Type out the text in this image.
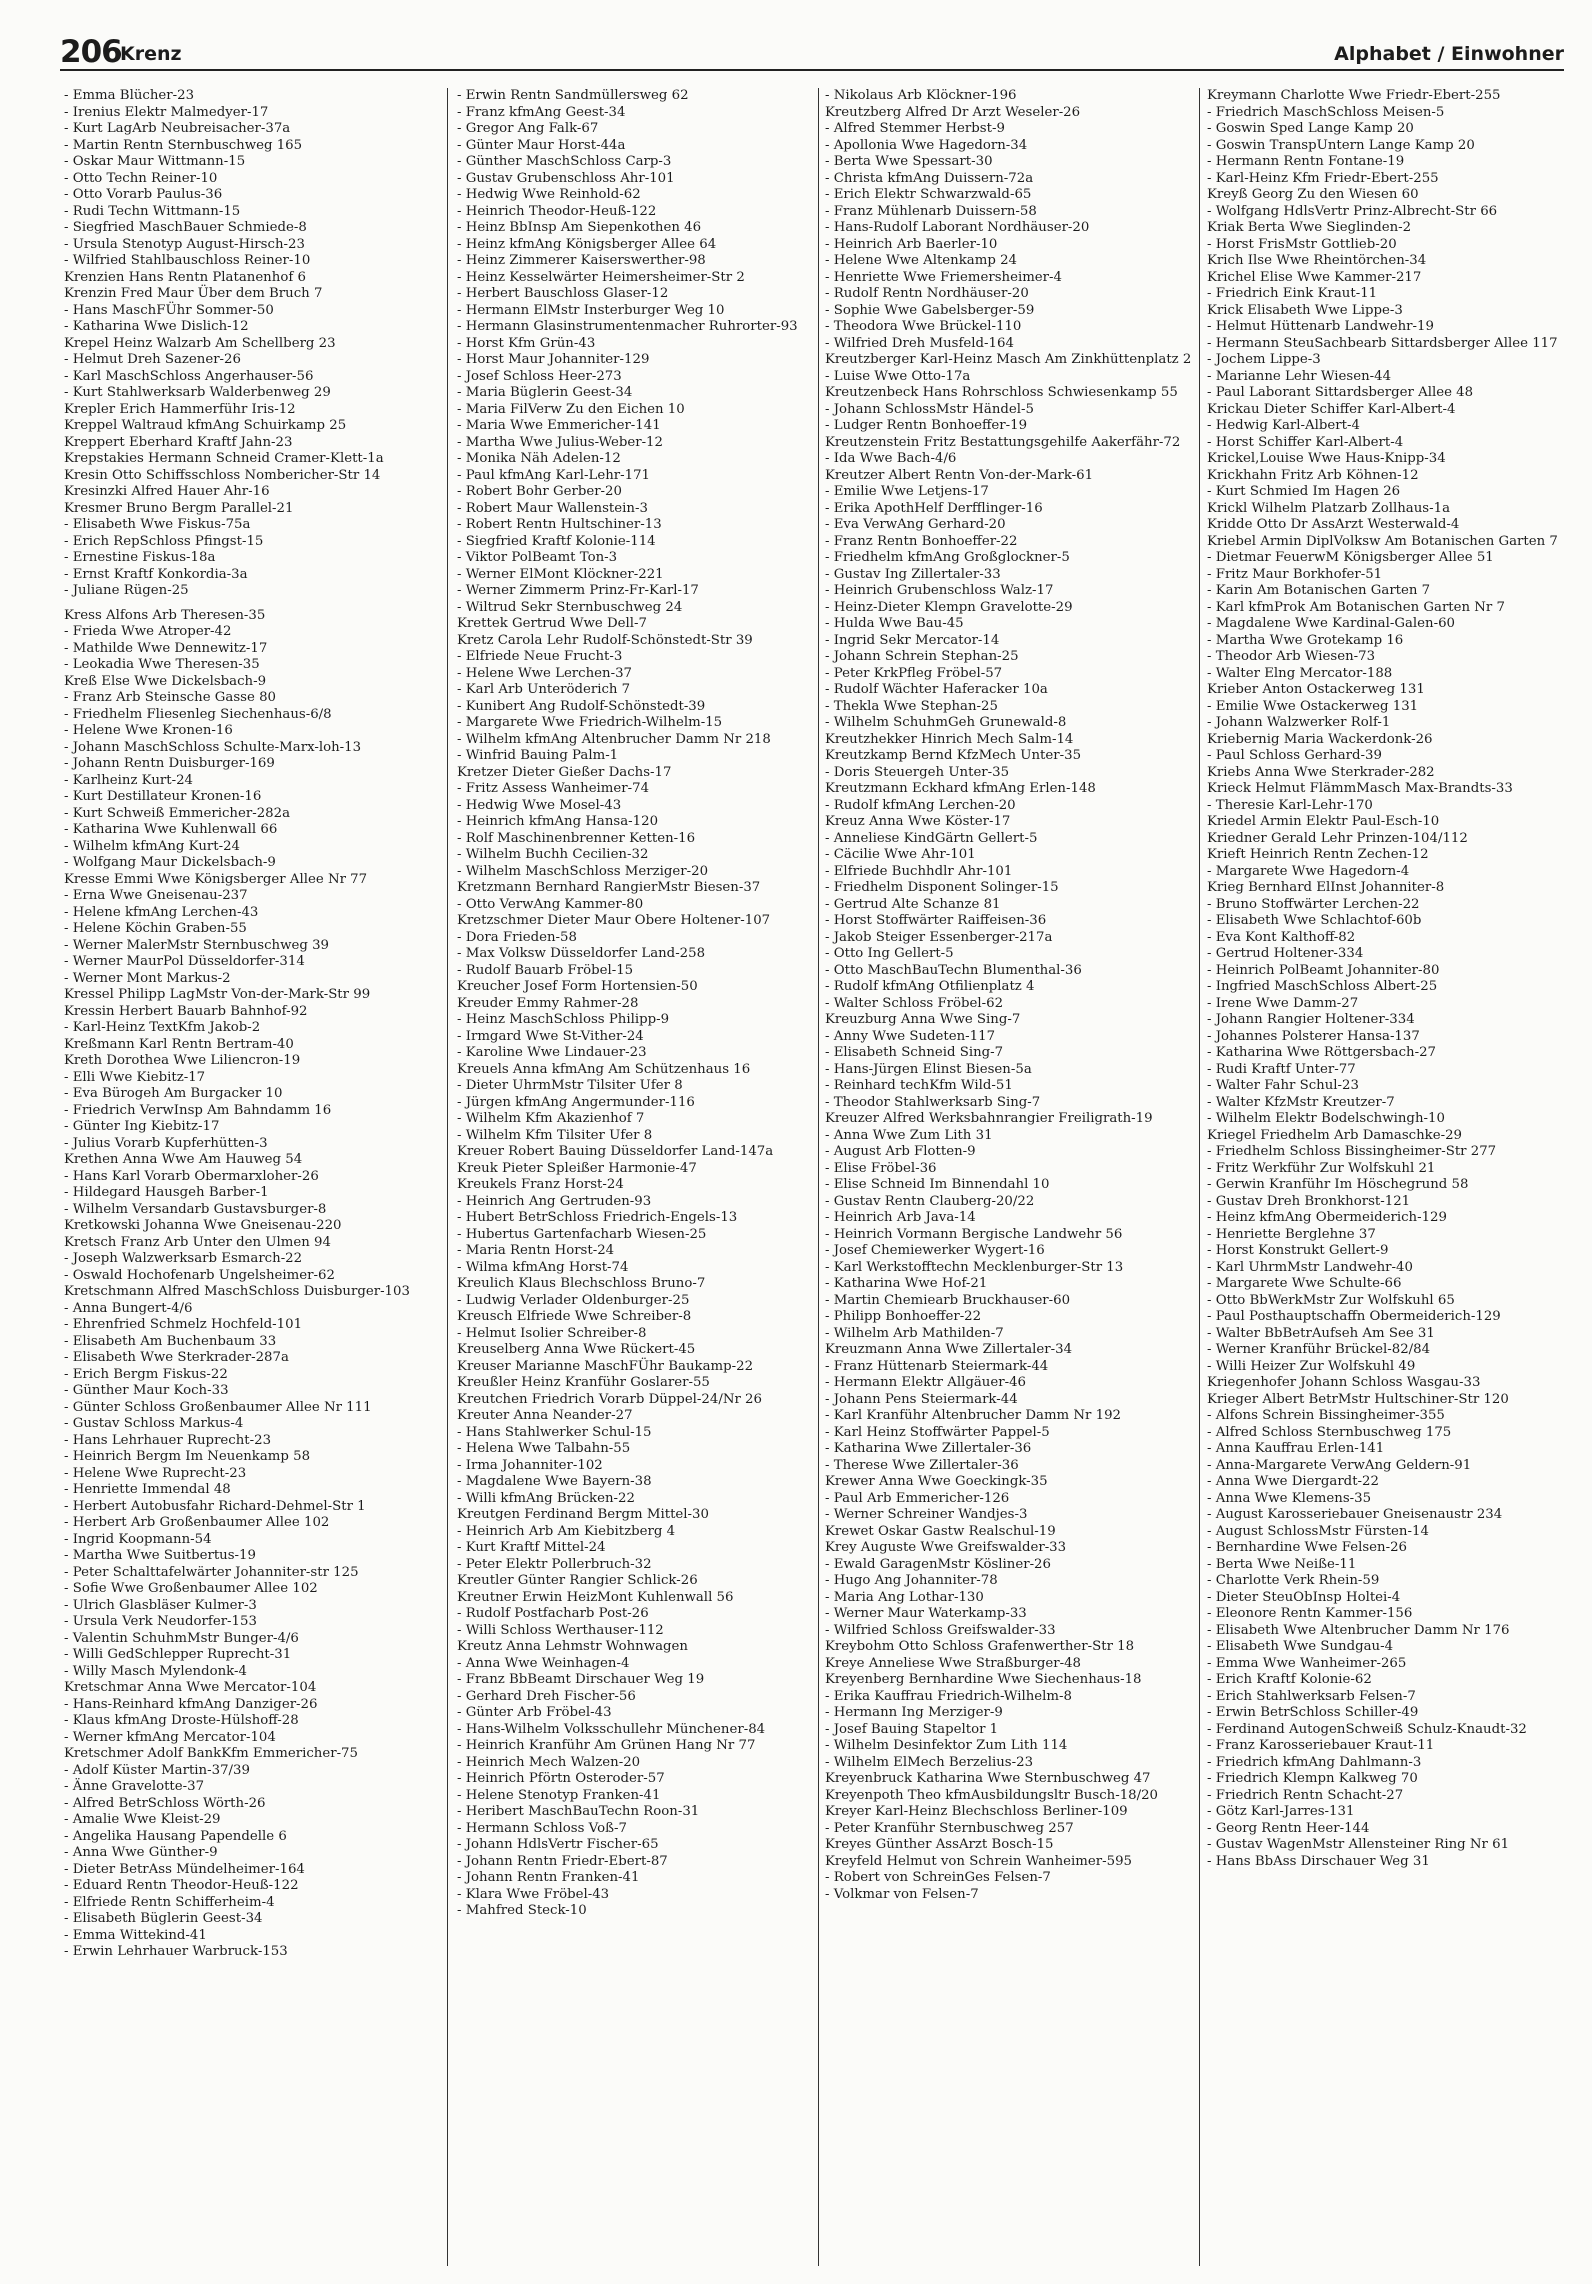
206
Krenz	Alphabet / Einwohner
- Emma Blücher-23
- Irenius Elektr Malmedyer-17
- Kurt LagArb Neubreisacher-37a
- Martin Rentn Sternbuschweg 165
- Oskar Maur Wittmann-15
- Otto Techn Reiner-10
- Otto Vorarb Paulus-36
- Rudi Techn Wittmann-15
- Siegfried MaschBauer Schmiede-8
- Ursula Stenotyp August-Hirsch-23
- Wilfried Stahlbauschloss Reiner-10
Krenzien Hans Rentn Platanenhof 6
Krenzin Fred Maur Über dem Bruch 7
- Hans MaschFÜhr Sommer-50
- Katharina Wwe Dislich-12
Krepel Heinz Walzarb Am Schellberg 23
- Helmut Dreh Sazener-26
- Karl MaschSchloss Angerhauser-56
- Kurt Stahlwerksarb Walderbenweg 29
Krepler Erich Hammerführ Iris-12
Kreppel Waltraud kfmAng Schuirkamp 25
Kreppert Eberhard Kraftf Jahn-23
Krepstakies Hermann Schneid Cramer-Klett-1a
Kresin Otto Schiffsschloss Nombericher-Str 14
Kresinzki Alfred Hauer Ahr-16
Kresmer Bruno Bergm Parallel-21
- Elisabeth Wwe Fiskus-75a
- Erich RepSchloss Pfingst-15
- Ernestine Fiskus-18a
- Ernst Kraftf Konkordia-3a
- Juliane Rügen-25
Kress Alfons Arb Theresen-35
- Frieda Wwe Atroper-42
- Mathilde Wwe Dennewitz-17
- Leokadia Wwe Theresen-35
Kreß Else Wwe Dickelsbach-9
- Franz Arb Steinsche Gasse 80
- Friedhelm Fliesenleg Siechenhaus-6/8
- Helene Wwe Kronen-16
- Johann MaschSchloss Schulte-Marx-loh-13
- Johann Rentn Duisburger-169
- Karlheinz Kurt-24
- Kurt Destillateur Kronen-16
- Kurt Schweiß Emmericher-282a
- Katharina Wwe Kuhlenwall 66
- Wilhelm kfmAng Kurt-24
- Wolfgang Maur Dickelsbach-9
Kresse Emmi Wwe Königsberger Allee Nr 77
- Erna Wwe Gneisenau-237
- Helene kfmAng Lerchen-43
- Helene Köchin Graben-55
- Werner MalerMstr Sternbuschweg 39
- Werner MaurPol Düsseldorfer-314
- Werner Mont Markus-2
Kressel Philipp LagMstr Von-der-Mark-Str 99
Kressin Herbert Bauarb Bahnhof-92
- Karl-Heinz TextKfm Jakob-2
Kreßmann Karl Rentn Bertram-40
Kreth Dorothea Wwe Liliencron-19
- Elli Wwe Kiebitz-17
- Eva Bürogeh Am Burgacker 10
- Friedrich VerwInsp Am Bahndamm 16
- Günter Ing Kiebitz-17
- Julius Vorarb Kupferhütten-3
Krethen Anna Wwe Am Hauweg 54
- Hans Karl Vorarb Obermarxloher-26
- Hildegard Hausgeh Barber-1
- Wilhelm Versandarb Gustavsburger-8
Kretkowski Johanna Wwe Gneisenau-220
Kretsch Franz Arb Unter den Ulmen 94
- Joseph Walzwerksarb Esmarch-22
- Oswald Hochofenarb Ungelsheimer-62
Kretschmann Alfred MaschSchloss Duisburger-103
- Anna Bungert-4/6
- Ehrenfried Schmelz Hochfeld-101
- Elisabeth Am Buchenbaum 33
- Elisabeth Wwe Sterkrader-287a
- Erich Bergm Fiskus-22
- Günther Maur Koch-33
- Günter Schloss Großenbaumer Allee Nr 111
- Gustav Schloss Markus-4
- Hans Lehrhauer Ruprecht-23
- Heinrich Bergm Im Neuenkamp 58
- Helene Wwe Ruprecht-23
- Henriette Immendal 48
- Herbert Autobusfahr Richard-Dehmel-Str 1
- Herbert Arb Großenbaumer Allee 102
- Ingrid Koopmann-54
- Martha Wwe Suitbertus-19
- Peter Schalttafelwärter Johanniter-str 125
- Sofie Wwe Großenbaumer Allee 102
- Ulrich Glasbläser Kulmer-3
- Ursula Verk Neudorfer-153
- Valentin SchuhmMstr Bunger-4/6
- Willi GedSchlepper Ruprecht-31
- Willy Masch Mylendonk-4
Kretschmar Anna Wwe Mercator-104
- Hans-Reinhard kfmAng Danziger-26
- Klaus kfmAng Droste-Hülshoff-28
- Werner kfmAng Mercator-104
Kretschmer Adolf BankKfm Emmericher-75
- Adolf Küster Martin-37/39
- Änne Gravelotte-37
- Alfred BetrSchloss Wörth-26
- Amalie Wwe Kleist-29
- Angelika Hausang Papendelle 6
- Anna Wwe Günther-9
- Dieter BetrAss Mündelheimer-164
- Eduard Rentn Theodor-Heuß-122
- Elfriede Rentn Schifferheim-4
- Elisabeth Büglerin Geest-34
- Emma Wittekind-41
- Erwin Lehrhauer Warbruck-153
- Erwin Rentn Sandmüllersweg 62
- Franz kfmAng Geest-34
- Gregor Ang Falk-67
- Günter Maur Horst-44a
- Günther MaschSchloss Carp-3
- Gustav Grubenschloss Ahr-101
- Hedwig Wwe Reinhold-62
- Heinrich Theodor-Heuß-122
- Heinz BbInsp Am Siepenkothen 46
- Heinz kfmAng Königsberger Allee 64
- Heinz Zimmerer Kaiserswerther-98
- Heinz Kesselwärter Heimersheimer-Str 2
- Herbert Bauschloss Glaser-12
- Hermann ElMstr Insterburger Weg 10
- Hermann Glasinstrumentenmacher Ruhrorter-93
- Horst Kfm Grün-43
- Horst Maur Johanniter-129
- Josef Schloss Heer-273
- Maria Büglerin Geest-34
- Maria FilVerw Zu den Eichen 10
- Maria Wwe Emmericher-141
- Martha Wwe Julius-Weber-12
- Monika Näh Adelen-12
- Paul kfmAng Karl-Lehr-171
- Robert Bohr Gerber-20
- Robert Maur Wallenstein-3
- Robert Rentn Hultschiner-13
- Siegfried Kraftf Kolonie-114
- Viktor PolBeamt Ton-3
- Werner ElMont Klöckner-221
- Werner Zimmerm Prinz-Fr-Karl-17
- Wiltrud Sekr Sternbuschweg 24
Krettek Gertrud Wwe Dell-7
Kretz Carola Lehr Rudolf-Schönstedt-Str 39
- Elfriede Neue Frucht-3
- Helene Wwe Lerchen-37
- Karl Arb Unteröderich 7
- Kunibert Ang Rudolf-Schönstedt-39
- Margarete Wwe Friedrich-Wilhelm-15
- Wilhelm kfmAng Altenbrucher Damm Nr 218
- Winfrid Bauing Palm-1
Kretzer Dieter Gießer Dachs-17
- Fritz Assess Wanheimer-74
- Hedwig Wwe Mosel-43
- Heinrich kfmAng Hansa-120
- Rolf Maschinenbrenner Ketten-16
- Wilhelm Buchh Cecilien-32
- Wilhelm MaschSchloss Merziger-20
Kretzmann Bernhard RangierMstr Biesen-37
- Otto VerwAng Kammer-80
Kretzschmer Dieter Maur Obere Holtener-107
- Dora Frieden-58
- Max Volksw Düsseldorfer Land-258
- Rudolf Bauarb Fröbel-15
Kreucher Josef Form Hortensien-50
Kreuder Emmy Rahmer-28
- Heinz MaschSchloss Philipp-9
- Irmgard Wwe St-Vither-24
- Karoline Wwe Lindauer-23
Kreuels Anna kfmAng Am Schützenhaus 16
- Dieter UhrmMstr Tilsiter Ufer 8
- Jürgen kfmAng Angermunder-116
- Wilhelm Kfm Akazienhof 7
- Wilhelm Kfm Tilsiter Ufer 8
Kreuer Robert Bauing Düsseldorfer Land-147a
Kreuk Pieter Spleißer Harmonie-47
Kreukels Franz Horst-24
- Heinrich Ang Gertruden-93
- Hubert BetrSchloss Friedrich-Engels-13
- Hubertus Gartenfacharb Wiesen-25
- Maria Rentn Horst-24
- Wilma kfmAng Horst-74
Kreulich Klaus Blechschloss Bruno-7
- Ludwig Verlader Oldenburger-25
Kreusch Elfriede Wwe Schreiber-8
- Helmut Isolier Schreiber-8
Kreuselberg Anna Wwe Rückert-45
Kreuser Marianne MaschFÜhr Baukamp-22
Kreußler Heinz Kranführ Goslarer-55
Kreutchen Friedrich Vorarb Düppel-24/Nr 26
Kreuter Anna Neander-27
- Hans Stahlwerker Schul-15
- Helena Wwe Talbahn-55
- Irma Johanniter-102
- Magdalene Wwe Bayern-38
- Willi kfmAng Brücken-22
Kreutgen Ferdinand Bergm Mittel-30
- Heinrich Arb Am Kiebitzberg 4
- Kurt Kraftf Mittel-24
- Peter Elektr Pollerbruch-32
Kreutler Günter Rangier Schlick-26
Kreutner Erwin HeizMont Kuhlenwall 56
- Rudolf Postfacharb Post-26
- Willi Schloss Werthauser-112
Kreutz Anna Lehmstr Wohnwagen
- Anna Wwe Weinhagen-4
- Franz BbBeamt Dirschauer Weg 19
- Gerhard Dreh Fischer-56
- Günter Arb Fröbel-43
- Hans-Wilhelm Volksschullehr Münchener-84
- Heinrich Kranführ Am Grünen Hang Nr 77
- Heinrich Mech Walzen-20
- Heinrich Pförtn Osteroder-57
- Helene Stenotyp Franken-41
- Heribert MaschBauTechn Roon-31
- Hermann Schloss Voß-7
- Johann HdlsVertr Fischer-65
- Johann Rentn Friedr-Ebert-87
- Johann Rentn Franken-41
- Klara Wwe Fröbel-43
- Mahfred Steck-10
- Nikolaus Arb Klöckner-196
Kreutzberg Alfred Dr Arzt Weseler-26
- Alfred Stemmer Herbst-9
- Apollonia Wwe Hagedorn-34
- Berta Wwe Spessart-30
- Christa kfmAng Duissern-72a
- Erich Elektr Schwarzwald-65
- Franz Mühlenarb Duissern-58
- Hans-Rudolf Laborant Nordhäuser-20
- Heinrich Arb Baerler-10
- Helene Wwe Altenkamp 24
- Henriette Wwe Friemersheimer-4
- Rudolf Rentn Nordhäuser-20
- Sophie Wwe Gabelsberger-59
- Theodora Wwe Brückel-110
- Wilfried Dreh Musfeld-164
Kreutzberger Karl-Heinz Masch Am Zinkhüttenplatz 2
- Luise Wwe Otto-17a
Kreutzenbeck Hans Rohrschloss Schwiesenkamp 55
- Johann SchlossMstr Händel-5
- Ludger Rentn Bonhoeffer-19
Kreutzenstein Fritz Bestattungsgehilfe Aakerfähr-72
- Ida Wwe Bach-4/6
Kreutzer Albert Rentn Von-der-Mark-61
- Emilie Wwe Letjens-17
- Erika ApothHelf Derfflinger-16
- Eva VerwAng Gerhard-20
- Franz Rentn Bonhoeffer-22
- Friedhelm kfmAng Großglockner-5
- Gustav Ing Zillertaler-33
- Heinrich Grubenschloss Walz-17
- Heinz-Dieter Klempn Gravelotte-29
- Hulda Wwe Bau-45
- Ingrid Sekr Mercator-14
- Johann Schrein Stephan-25
- Peter KrkPfleg Fröbel-57
- Rudolf Wächter Haferacker 10a
- Thekla Wwe Stephan-25
- Wilhelm SchuhmGeh Grunewald-8
Kreutzhekker Hinrich Mech Salm-14
Kreutzkamp Bernd KfzMech Unter-35
- Doris Steuergeh Unter-35
Kreutzmann Eckhard kfmAng Erlen-148
- Rudolf kfmAng Lerchen-20
Kreuz Anna Wwe Köster-17
- Anneliese KindGärtn Gellert-5
- Cäcilie Wwe Ahr-101
- Elfriede Buchhdlr Ahr-101
- Friedhelm Disponent Solinger-15
- Gertrud Alte Schanze 81
- Horst Stoffwärter Raiffeisen-36
- Jakob Steiger Essenberger-217a
- Otto Ing Gellert-5
- Otto MaschBauTechn Blumenthal-36
- Rudolf kfmAng Otfilienplatz 4
- Walter Schloss Fröbel-62
Kreuzburg Anna Wwe Sing-7
- Anny Wwe Sudeten-117
- Elisabeth Schneid Sing-7
- Hans-Jürgen Elinst Biesen-5a
- Reinhard techKfm Wild-51
- Theodor Stahlwerksarb Sing-7
Kreuzer Alfred Werksbahnrangier Freiligrath-19
- Anna Wwe Zum Lith 31
- August Arb Flotten-9
- Elise Fröbel-36
- Elise Schneid Im Binnendahl 10
- Gustav Rentn Clauberg-20/22
- Heinrich Arb Java-14
- Heinrich Vormann Bergische Landwehr 56
- Josef Chemiewerker Wygert-16
- Karl Werkstofftechn Mecklenburger-Str 13
- Katharina Wwe Hof-21
- Martin Chemiearb Bruckhauser-60
- Philipp Bonhoeffer-22
- Wilhelm Arb Mathilden-7
Kreuzmann Anna Wwe Zillertaler-34
- Franz Hüttenarb Steiermark-44
- Hermann Elektr Allgäuer-46
- Johann Pens Steiermark-44
- Karl Kranführ Altenbrucher Damm Nr 192
- Karl Heinz Stoffwärter Pappel-5
- Katharina Wwe Zillertaler-36
- Therese Wwe Zillertaler-36
Krewer Anna Wwe Goeckingk-35
- Paul Arb Emmericher-126
- Werner Schreiner Wandjes-3
Krewet Oskar Gastw Realschul-19
Krey Auguste Wwe Greifswalder-33
- Ewald GaragenMstr Kösliner-26
- Hugo Ang Johanniter-78
- Maria Ang Lothar-130
- Werner Maur Waterkamp-33
- Wilfried Schloss Greifswalder-33
Kreybohm Otto Schloss Grafenwerther-Str 18
Kreye Anneliese Wwe Straßburger-48
Kreyenberg Bernhardine Wwe Siechenhaus-18
- Erika Kauffrau Friedrich-Wilhelm-8
- Hermann Ing Merziger-9
- Josef Bauing Stapeltor 1
- Wilhelm Desinfektor Zum Lith 114
- Wilhelm ElMech Berzelius-23
Kreyenbruck Katharina Wwe Sternbuschweg 47
Kreyenpoth Theo kfmAusbildungsltr Busch-18/20
Kreyer Karl-Heinz Blechschloss Berliner-109
- Peter Kranführ Sternbuschweg 257
Kreyes Günther AssArzt Bosch-15
Kreyfeld Helmut von Schrein Wanheimer-595
- Robert von SchreinGes Felsen-7
- Volkmar von Felsen-7
Kreymann Charlotte Wwe Friedr-Ebert-255
- Friedrich MaschSchloss Meisen-5
- Goswin Sped Lange Kamp 20
- Goswin TranspUntern Lange Kamp 20
- Hermann Rentn Fontane-19
- Karl-Heinz Kfm Friedr-Ebert-255
Kreyß Georg Zu den Wiesen 60
- Wolfgang HdlsVertr Prinz-Albrecht-Str 66
Kriak Berta Wwe Sieglinden-2
- Horst FrisMstr Gottlieb-20
Krich Ilse Wwe Rheintörchen-34
Krichel Elise Wwe Kammer-217
- Friedrich Eink Kraut-11
Krick Elisabeth Wwe Lippe-3
- Helmut Hüttenarb Landwehr-19
- Hermann SteuSachbearb Sittardsberger Allee 117
- Jochem Lippe-3
- Marianne Lehr Wiesen-44
- Paul Laborant Sittardsberger Allee 48
Krickau Dieter Schiffer Karl-Albert-4
- Hedwig Karl-Albert-4
- Horst Schiffer Karl-Albert-4
Krickel,Louise Wwe Haus-Knipp-34
Krickhahn Fritz Arb Köhnen-12
- Kurt Schmied Im Hagen 26
Krickl Wilhelm Platzarb Zollhaus-1a
Kridde Otto Dr AssArzt Westerwald-4
Kriebel Armin DiplVolksw Am Botanischen Garten 7
- Dietmar FeuerwM Königsberger Allee 51
- Fritz Maur Borkhofer-51
- Karin Am Botanischen Garten 7
- Karl kfmProk Am Botanischen Garten Nr 7
- Magdalene Wwe Kardinal-Galen-60
- Martha Wwe Grotekamp 16
- Theodor Arb Wiesen-73
- Walter Elng Mercator-188
Krieber Anton Ostackerweg 131
- Emilie Wwe Ostackerweg 131
- Johann Walzwerker Rolf-1
Kriebernig Maria Wackerdonk-26
- Paul Schloss Gerhard-39
Kriebs Anna Wwe Sterkrader-282
Krieck Helmut FlämmMasch Max-Brandts-33
- Theresie Karl-Lehr-170
Kriedel Armin Elektr Paul-Esch-10
Kriedner Gerald Lehr Prinzen-104/112
Krieft Heinrich Rentn Zechen-12
- Margarete Wwe Hagedorn-4
Krieg Bernhard ElInst Johanniter-8
- Bruno Stoffwärter Lerchen-22
- Elisabeth Wwe Schlachtof-60b
- Eva Kont Kalthoff-82
- Gertrud Holtener-334
- Heinrich PolBeamt Johanniter-80
- Ingfried MaschSchloss Albert-25
- Irene Wwe Damm-27
- Johann Rangier Holtener-334
- Johannes Polsterer Hansa-137
- Katharina Wwe Röttgersbach-27
- Rudi Kraftf Unter-77
- Walter Fahr Schul-23
- Walter KfzMstr Kreutzer-7
- Wilhelm Elektr Bodelschwingh-10
Kriegel Friedhelm Arb Damaschke-29
- Friedhelm Schloss Bissingheimer-Str 277
- Fritz Werkführ Zur Wolfskuhl 21
- Gerwin Kranführ Im Höschegrund 58
- Gustav Dreh Bronkhorst-121
- Heinz kfmAng Obermeiderich-129
- Henriette Berglehne 37
- Horst Konstrukt Gellert-9
- Karl UhrmMstr Landwehr-40
- Margarete Wwe Schulte-66
- Otto BbWerkMstr Zur Wolfskuhl 65
- Paul Posthauptschaffn Obermeiderich-129
- Walter BbBetrAufseh Am See 31
- Werner Kranführ Brückel-82/84
- Willi Heizer Zur Wolfskuhl 49
Kriegenhofer Johann Schloss Wasgau-33
Krieger Albert BetrMstr Hultschiner-Str 120
- Alfons Schrein Bissingheimer-355
- Alfred Schloss Sternbuschweg 175
- Anna Kauffrau Erlen-141
- Anna-Margarete VerwAng Geldern-91
- Anna Wwe Diergardt-22
- Anna Wwe Klemens-35
- August Karosseriebauer Gneisenaustr 234
- August SchlossMstr Fürsten-14
- Bernhardine Wwe Felsen-26
- Berta Wwe Neiße-11
- Charlotte Verk Rhein-59
- Dieter SteuObInsp Holtei-4
- Eleonore Rentn Kammer-156
- Elisabeth Wwe Altenbrucher Damm Nr 176
- Elisabeth Wwe Sundgau-4
- Emma Wwe Wanheimer-265
- Erich Kraftf Kolonie-62
- Erich Stahlwerksarb Felsen-7
- Erwin BetrSchloss Schiller-49
- Ferdinand AutogenSchweiß Schulz-Knaudt-32
- Franz Karosseriebauer Kraut-11
- Friedrich kfmAng Dahlmann-3
- Friedrich Klempn Kalkweg 70
- Friedrich Rentn Schacht-27
- Götz Karl-Jarres-131
- Georg Rentn Heer-144
- Gustav WagenMstr Allensteiner Ring Nr 61
- Hans BbAss Dirschauer Weg 31
